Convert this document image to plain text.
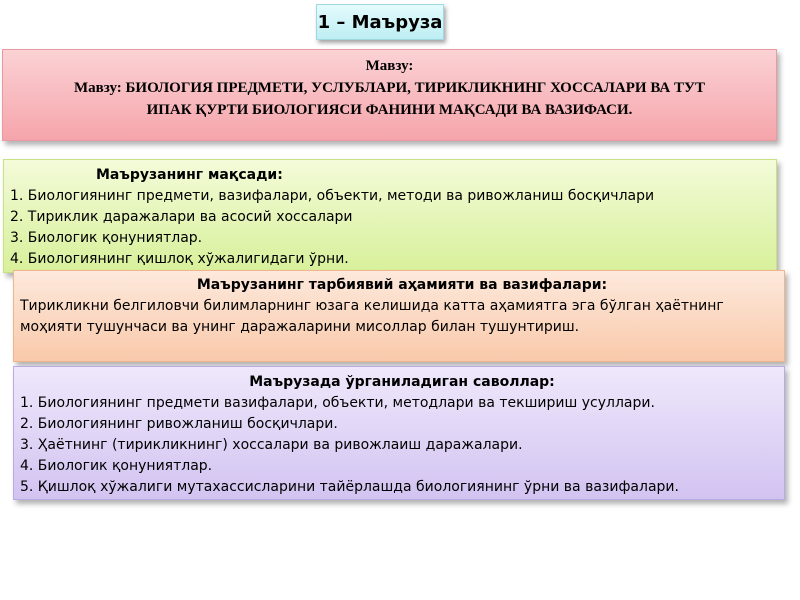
1 – Маъруза
Мавзу:
Мавзу: БИОЛОГИЯ ПРЕДМЕТИ, УСЛУБЛАРИ, ТИРИКЛИКНИНГ ХОССАЛАРИ ВА ТУТ
ИПАК ҚУРТИ БИОЛОГИЯСИ ФАНИНИ МАҚСАДИ ВА ВАЗИФАСИ.
Маърузанинг мақсади:
1. Биологиянинг предмети, вазифалари, объекти, методи ва ривожланиш босқичлари
2. Тириклик даражалари ва асосий хоссалари
3. Биологик қонуниятлар.
4. Биологиянинг қишлоқ хўжалигидаги ўрни.
Маърузанинг тарбиявий аҳамияти ва вазифалари:
Тирикликни белгиловчи билимларнинг юзага келишида катта аҳамиятга эга бўлган ҳаётнинг
моҳияти тушунчаси ва унинг даражаларини мисоллар билан тушунтириш.
Маърузада ўрганиладиган саволлар:
1. Биологиянинг предмети вазифалари, объекти, методлари ва текшириш усуллари.
2. Биологиянинг ривожланиш босқичлари.
3. Ҳаётнинг (тирикликнинг) хоссалари ва ривожлаиш даражалари.
4. Биологик қонуниятлар.
5. Қишлоқ хўжалиги мутахассисларини тайёрлашда биологиянинг ўрни ва вазифалари.
